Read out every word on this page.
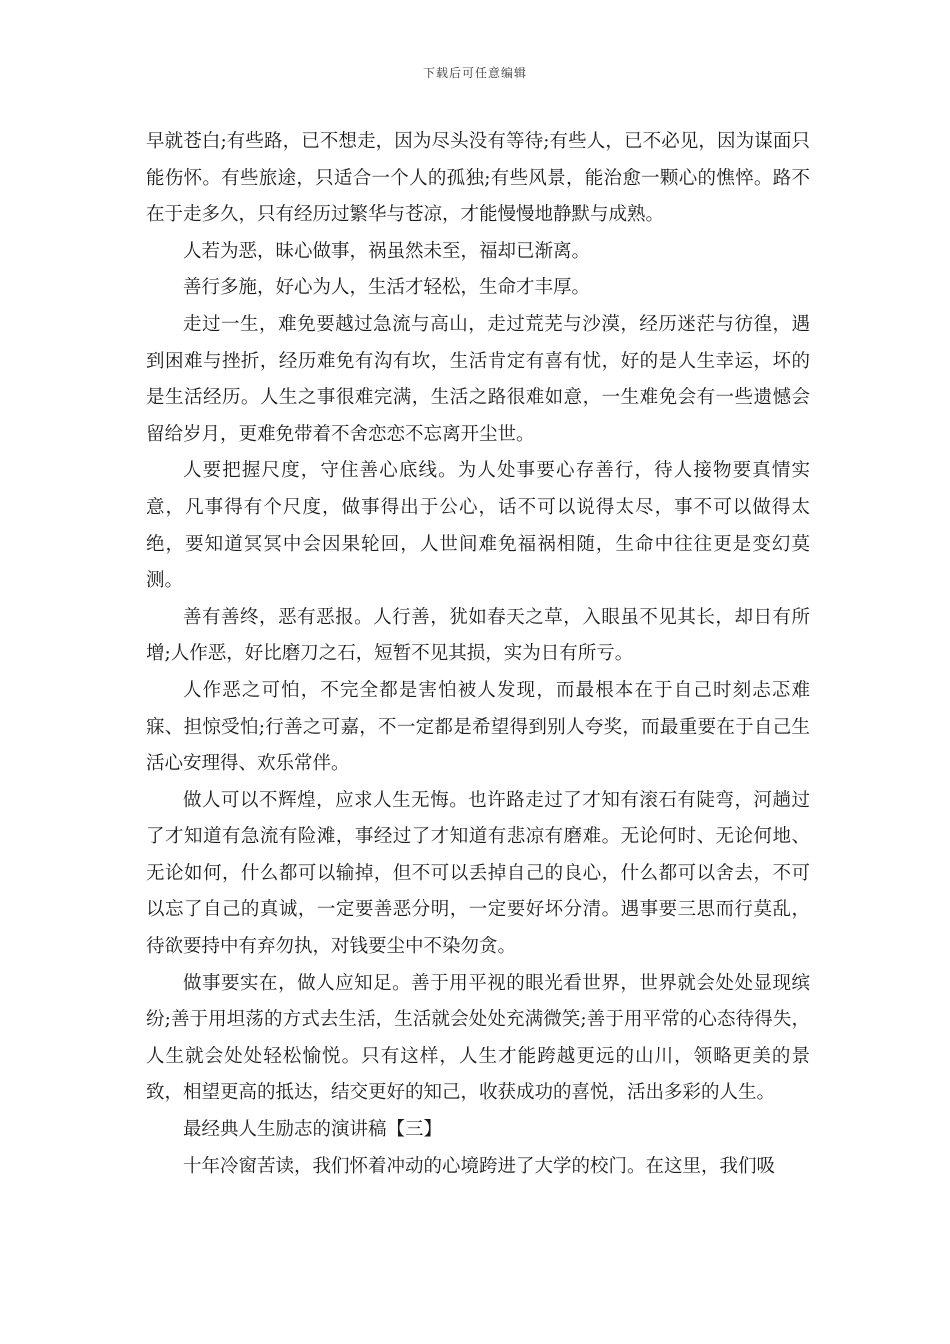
下载后可任意编辑

早就苍白;有些路，已不想走，因为尽头没有等待;有些人，已不必见，因为谋面只能伤怀。有些旅途，只适合一个人的孤独;有些风景，能治愈一颗心的憔悴。路不在于走多久，只有经历过繁华与苍凉，才能慢慢地静默与成熟。

人若为恶，昧心做事，祸虽然未至，福却已渐离。

善行多施，好心为人，生活才轻松，生命才丰厚。

走过一生，难免要越过急流与高山，走过荒芜与沙漠，经历迷茫与彷徨，遇到困难与挫折，经历难免有沟有坎，生活肯定有喜有忧，好的是人生幸运，坏的是生活经历。人生之事很难完满，生活之路很难如意，一生难免会有一些遗憾会留给岁月，更难免带着不舍恋恋不忘离开尘世。

人要把握尺度，守住善心底线。为人处事要心存善行，待人接物要真情实意，凡事得有个尺度，做事得出于公心，话不可以说得太尽，事不可以做得太绝，要知道冥冥中会因果轮回，人世间难免福祸相随，生命中往往更是变幻莫测。

善有善终，恶有恶报。人行善，犹如春天之草，入眼虽不见其长，却日有所增;人作恶，好比磨刀之石，短暂不见其损，实为日有所亏。

人作恶之可怕，不完全都是害怕被人发现，而最根本在于自己时刻忐忑难寐、担惊受怕;行善之可嘉，不一定都是希望得到别人夸奖，而最重要在于自己生活心安理得、欢乐常伴。

做人可以不辉煌，应求人生无悔。也许路走过了才知有滚石有陡弯，河趟过了才知道有急流有险滩，事经过了才知道有悲凉有磨难。无论何时、无论何地、无论如何，什么都可以输掉，但不可以丢掉自己的良心，什么都可以舍去，不可以忘了自己的真诚，一定要善恶分明，一定要好坏分清。遇事要三思而行莫乱，待欲要持中有弃勿执，对钱要尘中不染勿贪。

做事要实在，做人应知足。善于用平视的眼光看世界，世界就会处处显现缤纷;善于用坦荡的方式去生活，生活就会处处充满微笑;善于用平常的心态待得失，人生就会处处轻松愉悦。只有这样，人生才能跨越更远的山川，领略更美的景致，相望更高的抵达，结交更好的知己，收获成功的喜悦，活出多彩的人生。

最经典人生励志的演讲稿【三】

十年冷窗苦读，我们怀着冲动的心境跨进了大学的校门。在这里，我们吸
